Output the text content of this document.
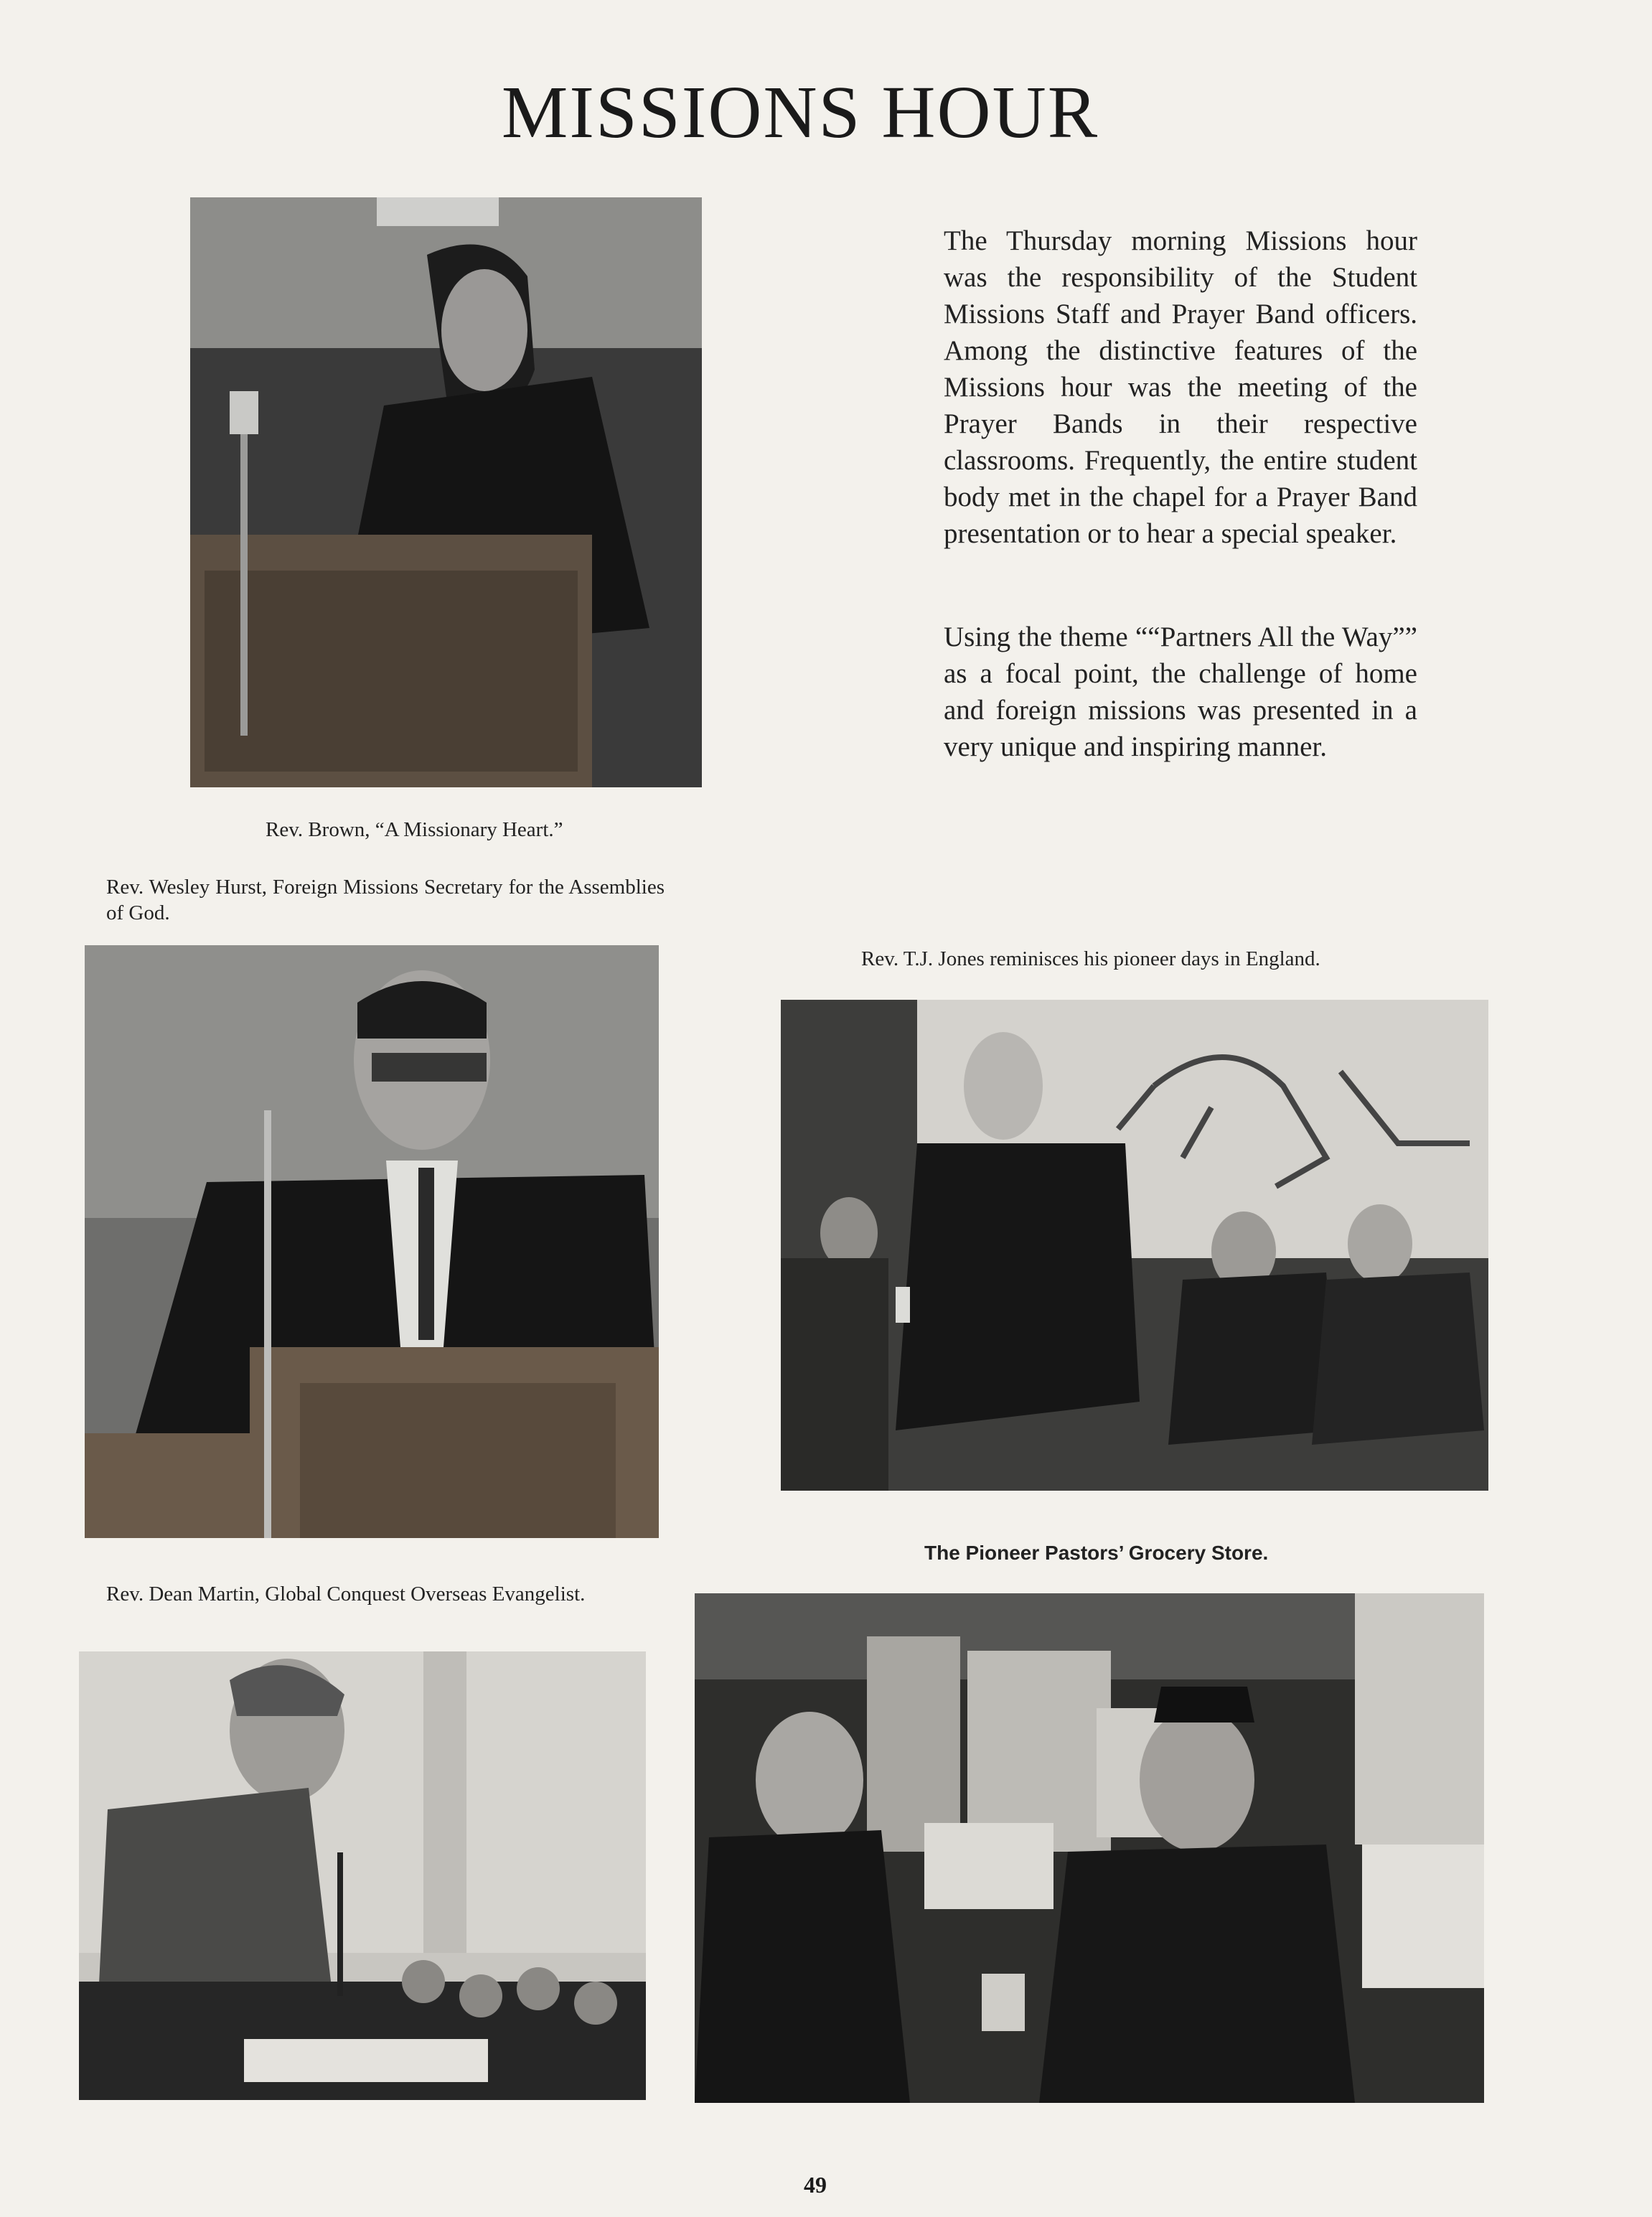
MISSIONS HOUR
The Thursday morning Missions hour was the responsibility of the Student Missions Staff and Prayer Band officers. Among the distinctive features of the Missions hour was the meeting of the Prayer Bands in their respective classrooms. Frequently, the entire student body met in the chapel for a Prayer Band presentation or to hear a special speaker.
Using the theme ““Partners All the Way”” as a focal point, the challenge of home and foreign missions was presented in a very unique and inspiring manner.
Rev. Brown, “A Missionary Heart.”
Rev. Wesley Hurst, Foreign Missions Secretary for the Assemblies of God.
Rev. T.J. Jones reminisces his pioneer days in England.
The Pioneer Pastors’ Grocery Store.
Rev. Dean Martin, Global Conquest Overseas Evangelist.
49
